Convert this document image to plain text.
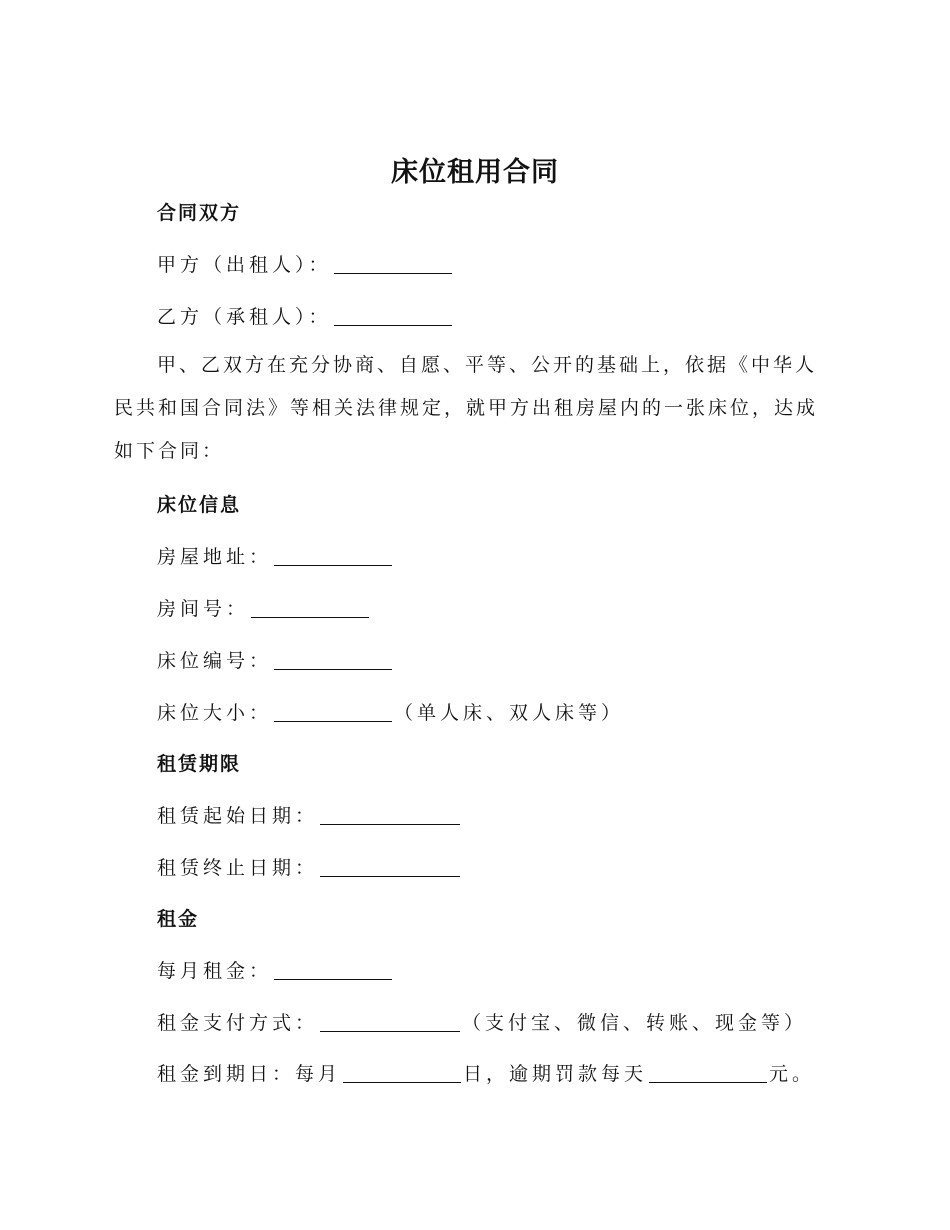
床位租用合同
合同双方
甲方（出租人）：
乙方（承租人）：

甲、乙双方在充分协商、自愿、平等、公开的基础上，依据《中华人民共和国合同法》等相关法律规定，就甲方出租房屋内的一张床位，达成如下合同：

床位信息
房屋地址：
房间号：
床位编号：
床位大小：	（单人床、双人床等）
租赁期限
租赁起始日期：
租赁终止日期：
租金
每月租金：
租金支付方式：	（支付宝、微信、转账、现金等）
租金到期日：每月	日，逾期罚款每天	元。
